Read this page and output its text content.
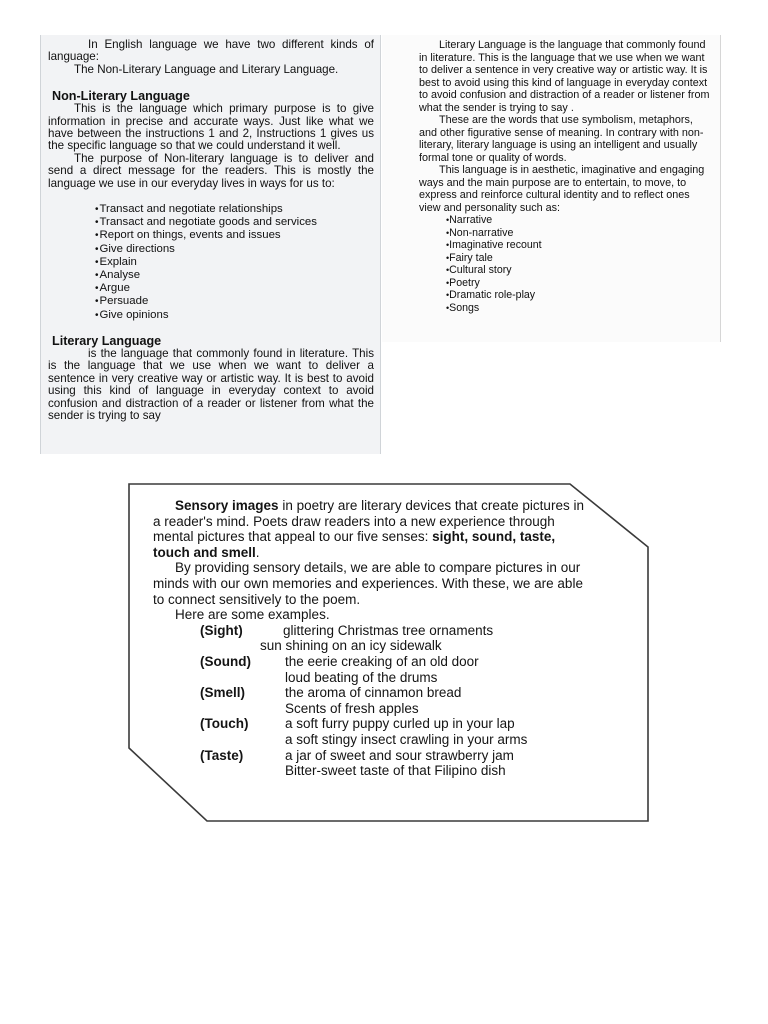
In English language we have two different kinds of language:

The Non-Literary Language and Literary Language.

Non-Literary Language

This is the language which primary purpose is to give information in precise and accurate ways. Just like what we have between the instructions 1 and 2, Instructions 1 gives us the specific language so that we could understand it well.

The purpose of Non-literary language is to deliver and send a direct message for the readers. This is mostly the language we use in our everyday lives in ways for us to:

• Transact and negotiate relationships
• Transact and negotiate goods and services
• Report on things, events and issues
• Give directions
• Explain
• Analyse
• Argue
• Persuade
• Give opinions
Literary Language

is the language that commonly found in literature. This is the language that we use when we want to deliver a sentence in very creative way or artistic way. It is best to avoid using this kind of language in everyday context to avoid confusion and distraction of a reader or listener from what the sender is trying to say

Literary Language is the language that commonly found in literature. This is the language that we use when we want to deliver a sentence in very creative way or artistic way. It is best to avoid using this kind of language in everyday context to avoid confusion and distraction of a reader or listener from what the sender is trying to say .

These are the words that use symbolism, metaphors, and other figurative sense of meaning. In contrary with non-literary, literary language is using an intelligent and usually formal tone or quality of words.

This language is in aesthetic, imaginative and engaging ways and the main purpose are to entertain, to move, to express and reinforce cultural identity and to reflect ones view and personality such as:

• Narrative
• Non-narrative
• Imaginative recount
• Fairy tale
• Cultural story
• Poetry
• Dramatic role-play
• Songs

Sensory images in poetry are literary devices that create pictures in a reader's mind. Poets draw readers into a new experience through mental pictures that appeal to our five senses: sight, sound, taste, touch and smell.

By providing sensory details, we are able to compare pictures in our minds with our own memories and experiences. With these, we are able to connect sensitively to the poem.

Here are some examples.

(Sight)	glittering Christmas tree ornaments
sun shining on an icy sidewalk
(Sound)	the eerie creaking of an old door
loud beating of the drums
(Smell)	the aroma of cinnamon bread
Scents of fresh apples
(Touch)	a soft furry puppy curled up in your lap
a soft stingy insect crawling in your arms
(Taste)	a jar of sweet and sour strawberry jam
Bitter-sweet taste of that Filipino dish
